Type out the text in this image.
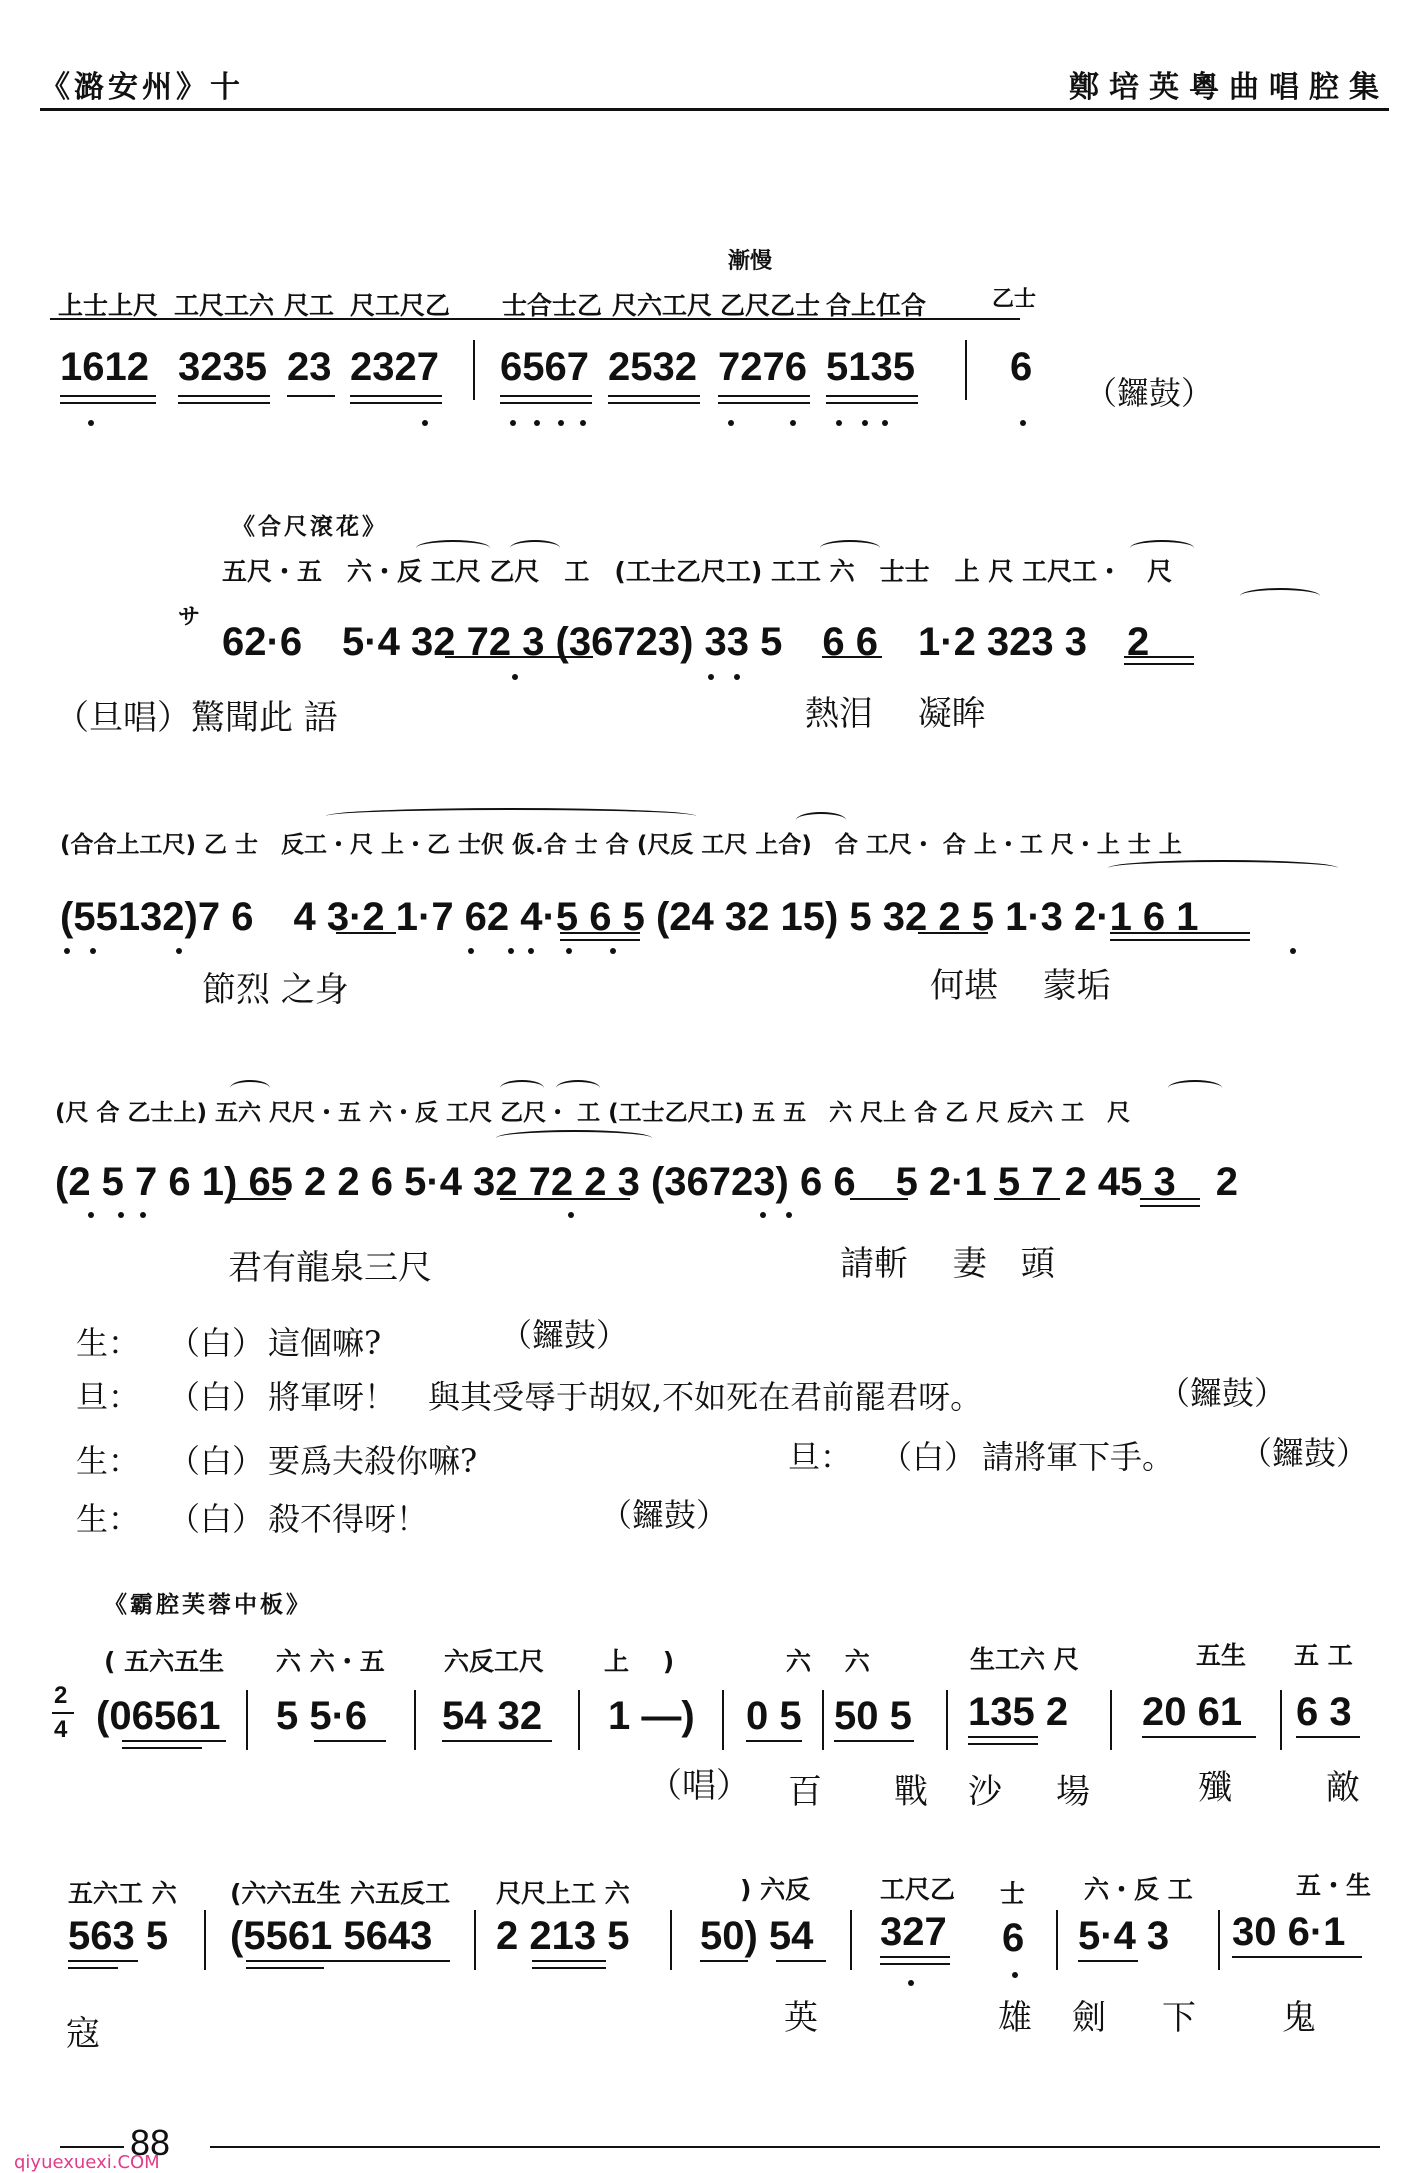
《潞安州》十	鄭培英粵曲唱腔集
漸慢
上士上尺 工尺工六 尺工 尺工尺乙 士合士乙 尺六工尺 乙尺乙士 合上仜合	乙士
1612 3235 23 2327 6567 2532 7276 5135 6
（鑼鼓）
《合尺滾花》
サ
五尺・五　六・反 工尺 乙尺　工　(工士乙尺工) 工工 六　士士　上 尺 工尺工・　尺
62·6　5·4 32 72 3 (36723) 33 5　6 6　1·2 323 3　2
（旦唱）驚聞此 語	熱泪　 凝眸
(合合上工尺) 乙 士　反工・尺 上・乙 士伬 仮.合 士 合 (尺反 工尺 上合)　合 工尺・ 合 上・工 尺・上 士 上
(55132)7 6　4 3·2 1·7 62 4·5 6 5 (24 32 15) 5 32 2 5 1·3 2·1 6 1
節烈 之身	何堪　 蒙垢
(尺 合 乙士上) 五六 尺尺・五 六・反 工尺 乙尺・ 工 (工士乙尺工) 五 五　六 尺上 合 乙 尺 反六 工　尺
(2 5 7 6 1) 65 2 2 6 5·4 32 72 2 3 (36723) 6 6　5 2·1 5 7 2 45 3　2
君有龍泉三尺	請斬　 妻　頭
生： （白） 這個嘛?	（鑼鼓）
旦： （白） 將軍呀！　與其受辱于胡奴,不如死在君前罷君呀。	（鑼鼓）
生： （白） 要爲夫殺你嘛?	旦： （白） 請將軍下手。 （鑼鼓）
生： （白） 殺不得呀！	（鑼鼓）
《霸腔芙蓉中板》
( 五六五生 六 六・五 六反工尺 上　 )	六　 六	生工六 尺	五生 五 工
2
4 (06561 5 5·6 54 32 1 —) 0 5 50 5 135 2 20 61 6 3
（唱） 百 戰 沙 場	殲	敵
五六工 六 (六六五生 六五反工 尺尺上工 六	) 六反	工尺乙 士 六・反 工	五・生
563 5 (5561 5643 2 213 5 50) 54 327 6 5·4 3 30 6·1
寇	英	雄 劍 下	鬼
88
qiyuexuexi.COM
